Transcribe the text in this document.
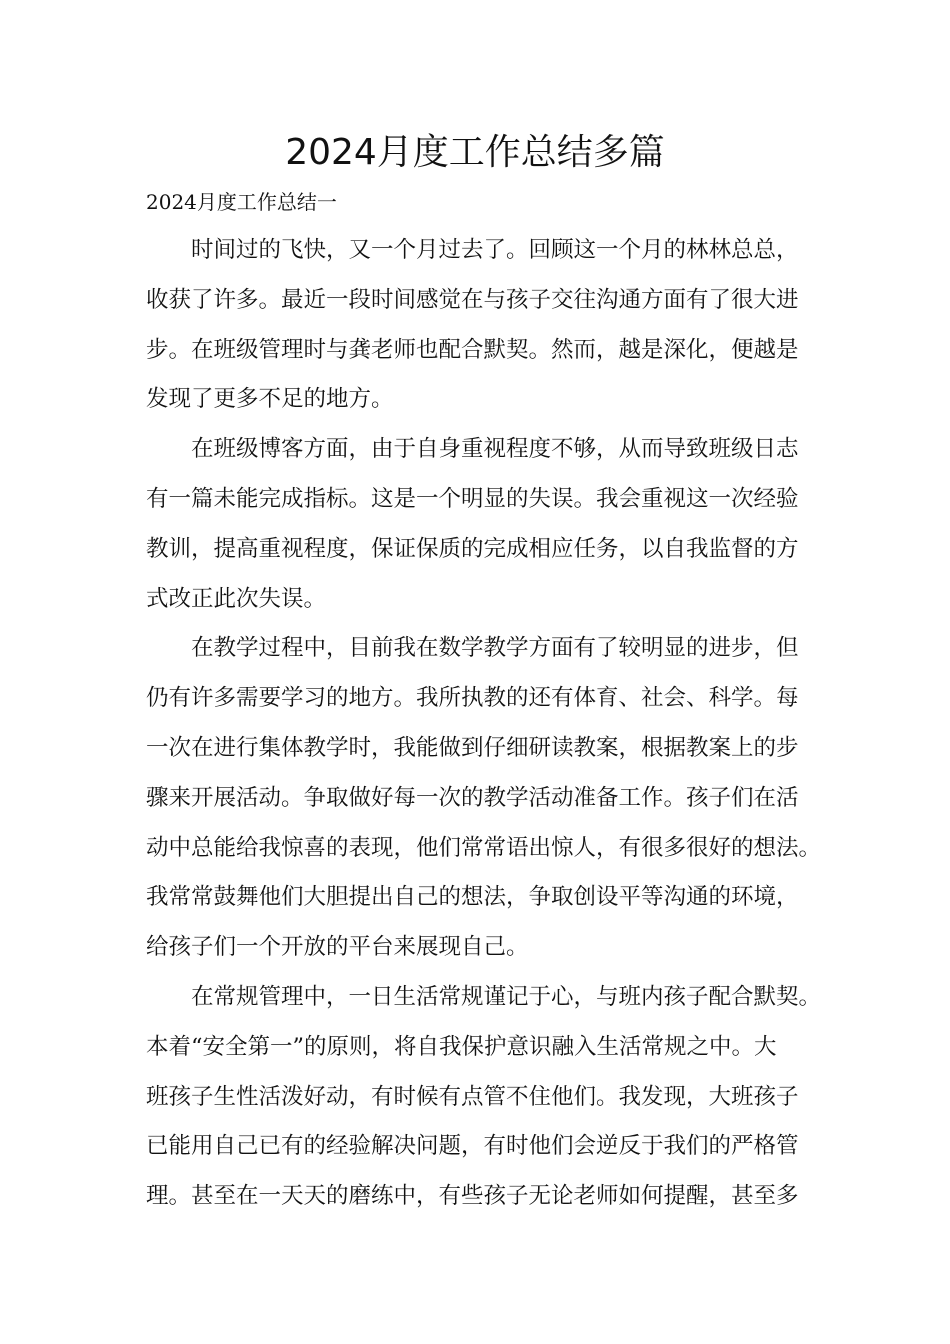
2024月度工作总结多篇

2024月度工作总结一

时间过的飞快，又一个月过去了。回顾这一个月的林林总总，
收获了许多。最近一段时间感觉在与孩子交往沟通方面有了很大进
步。在班级管理时与龚老师也配合默契。然而，越是深化，便越是
发现了更多不足的地方。
在班级博客方面，由于自身重视程度不够，从而导致班级日志
有一篇未能完成指标。这是一个明显的失误。我会重视这一次经验
教训，提高重视程度，保证保质的完成相应任务，以自我监督的方
式改正此次失误。
在教学过程中，目前我在数学教学方面有了较明显的进步，但
仍有许多需要学习的地方。我所执教的还有体育、社会、科学。每
一次在进行集体教学时，我能做到仔细研读教案，根据教案上的步
骤来开展活动。争取做好每一次的教学活动准备工作。孩子们在活
动中总能给我惊喜的表现，他们常常语出惊人，有很多很好的想法。
我常常鼓舞他们大胆提出自己的想法，争取创设平等沟通的环境，
给孩子们一个开放的平台来展现自己。
在常规管理中，一日生活常规谨记于心，与班内孩子配合默契。
本着“安全第一”的原则，将自我保护意识融入生活常规之中。大
班孩子生性活泼好动，有时候有点管不住他们。我发现，大班孩子
已能用自己已有的经验解决问题，有时他们会逆反于我们的严格管
理。甚至在一天天的磨练中，有些孩子无论老师如何提醒，甚至多
